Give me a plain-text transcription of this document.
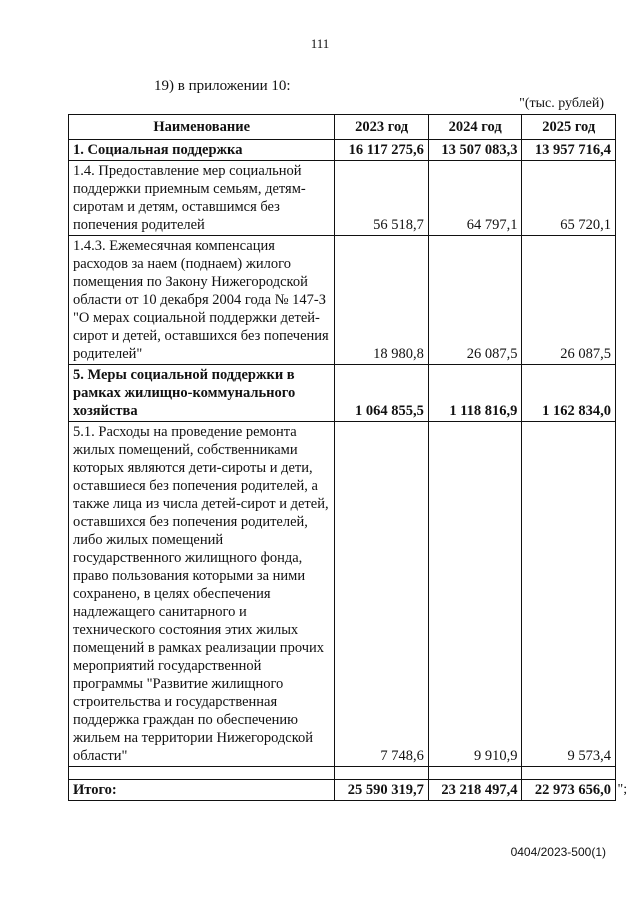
111
19) в приложении 10:
"(тыс. рублей)
Наименование	2023 год	2024 год	2025 год
1. Социальная поддержка	16 117 275,6	13 507 083,3	13 957 716,4
1.4. Предоставление мер социальной поддержки приемным семьям, детям-сиротам и детям, оставшимся без попечения родителей	56 518,7	64 797,1	65 720,1
1.4.3. Ежемесячная компенсация расходов за наем (поднаем) жилого помещения по Закону Нижегородской области от 10 декабря 2004 года № 147-З "О мерах социальной поддержки детей-сирот и детей, оставшихся без попечения родителей"	18 980,8	26 087,5	26 087,5
5. Меры социальной поддержки в рамках жилищно-коммунального хозяйства	1 064 855,5	1 118 816,9	1 162 834,0
5.1. Расходы на проведение ремонта жилых помещений, собственниками которых являются дети-сироты и дети, оставшиеся без попечения родителей, а также лица из числа детей-сирот и детей, оставшихся без попечения родителей, либо жилых помещений государственного жилищного фонда, право пользования которыми за ними сохранено, в целях обеспечения надлежащего санитарного и технического состояния этих жилых помещений в рамках реализации прочих мероприятий государственной программы "Развитие жилищного строительства и государственная поддержка граждан по обеспечению жильем на территории Нижегородской области"	7 748,6	9 910,9	9 573,4

Итого:	25 590 319,7	23 218 497,4	22 973 656,0 ";
0404/2023-500(1)
